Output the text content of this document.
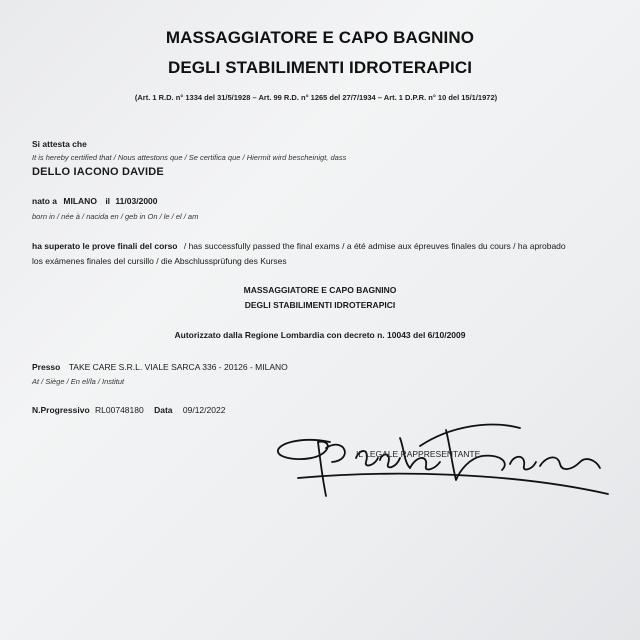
MASSAGGIATORE E CAPO BAGNINO
DEGLI STABILIMENTI IDROTERAPICI
(Art. 1 R.D. n° 1334 del 31/5/1928 – Art. 99 R.D. n° 1265 del 27/7/1934 – Art. 1 D.P.R. n° 10 del 15/1/1972)
Si attesta che
It is hereby certified that / Nous attestons que / Se certifica que / Hiermit wird bescheinigt, dass
DELLO IACONO DAVIDE
nato a MILANO il 11/03/2000
born in / née à / nacida en / geb in On / le / el / am
ha superato le prove finali del corso / has successfully passed the final exams / a été admise aux épreuves finales du cours / ha aprobado
los exámenes finales del cursillo / die Abschlussprüfung des Kurses
MASSAGGIATORE E CAPO BAGNINO
DEGLI STABILIMENTI IDROTERAPICI
Autorizzato dalla Regione Lombardia con decreto n. 10043 del 6/10/2009
Presso TAKE CARE S.R.L. VIALE SARCA 336 - 20126 - MILANO
At / Siège / En el/la / Institut
N.Progressivo RL00748180 Data 09/12/2022
IL LEGALE RAPPRESENTANTE
